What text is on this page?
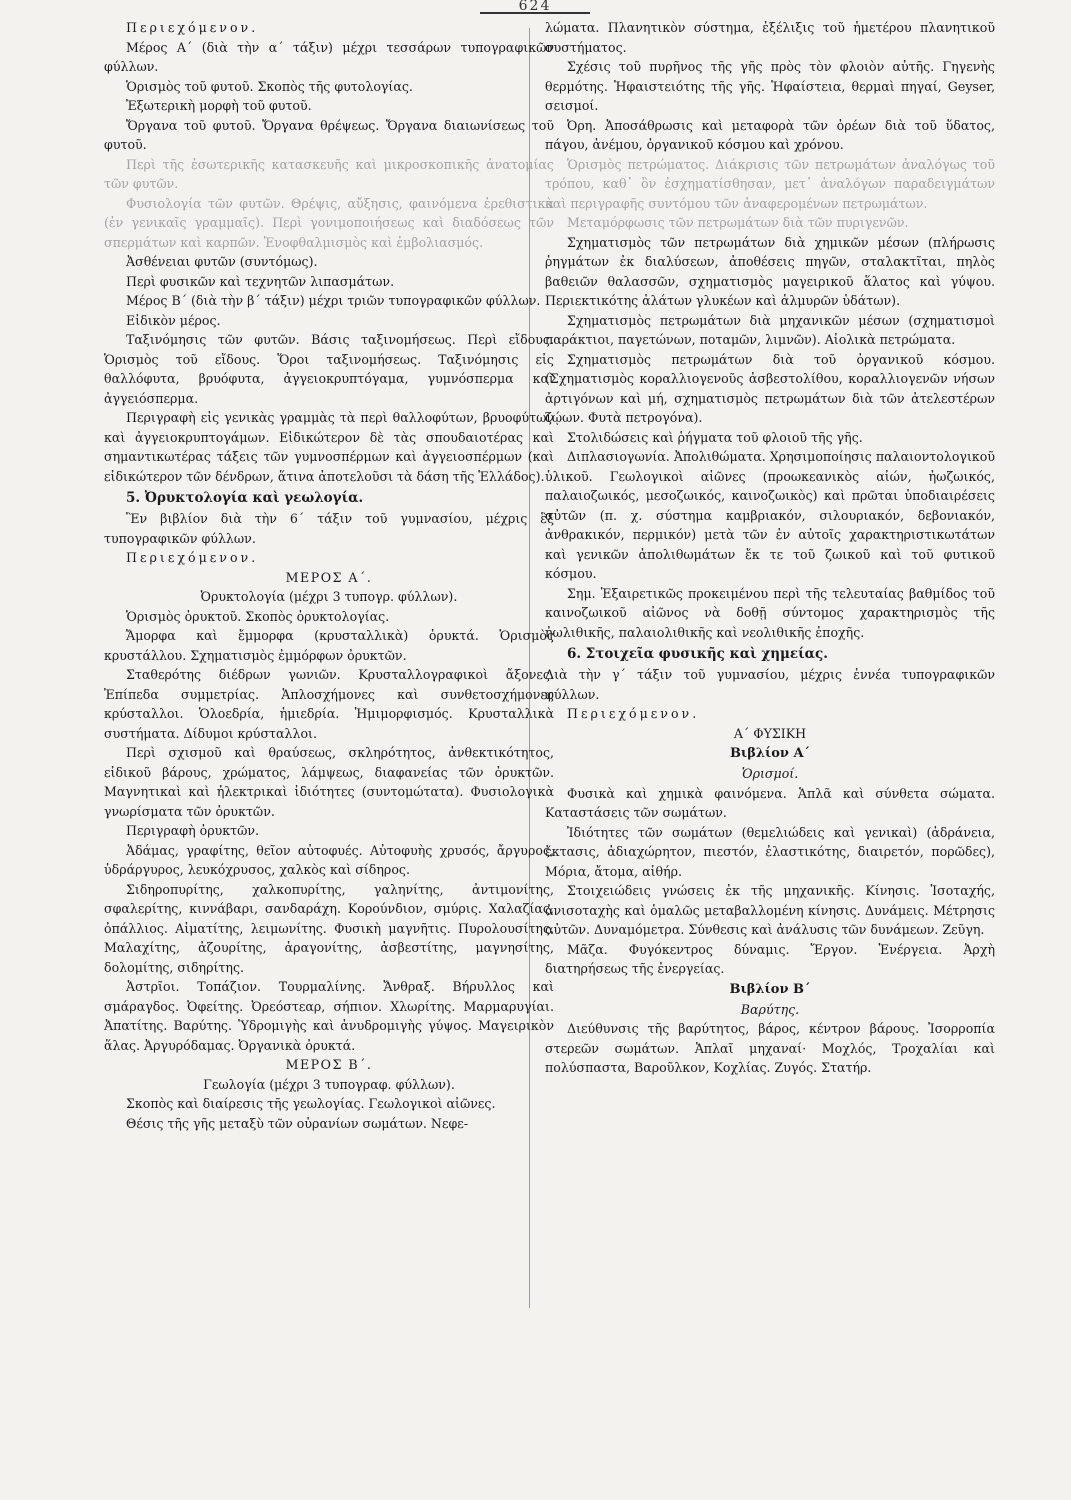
624

Περιεχόμενον.

Μέρος Α΄ (διὰ τὴν α΄ τάξιν) μέχρι τεσσάρων τυπογραφικῶν φύλλων.

Ὁρισμὸς τοῦ φυτοῦ. Σκοπὸς τῆς φυτολογίας.

Ἐξωτερικὴ μορφὴ τοῦ φυτοῦ.

Ὄργανα τοῦ φυτοῦ. Ὄργανα θρέψεως. Ὄργανα διαιωνίσεως τοῦ φυτοῦ.

Περὶ τῆς ἐσωτερικῆς κατασκευῆς καὶ μικροσκοπικῆς ἀνατομίας τῶν φυτῶν.

Φυσιολογία τῶν φυτῶν. Θρέψις, αὔξησις, φαινόμενα ἐρεθιστικὰ (ἐν γενικαῖς γραμμαῖς). Περὶ γονιμοποιήσεως καὶ διαδόσεως τῶν σπερμάτων καὶ καρπῶν. Ἐνοφθαλμισμὸς καὶ ἐμβολιασμός.

Ἀσθένειαι φυτῶν (συντόμως).

Περὶ φυσικῶν καὶ τεχνητῶν λιπασμάτων.

Μέρος Β΄ (διὰ τὴν β΄ τάξιν) μέχρι τριῶν τυπογραφικῶν φύλλων.

Εἰδικὸν μέρος.

Ταξινόμησις τῶν φυτῶν. Βάσις ταξινομήσεως. Περὶ εἴδους. Ὁρισμὸς τοῦ εἴδους. Ὅροι ταξινομήσεως. Ταξινόμησις εἰς θαλλόφυτα, βρυόφυτα, ἀγγειοκρυπτόγαμα, γυμνόσπερμα καὶ ἀγγειόσπερμα.

Περιγραφὴ εἰς γενικὰς γραμμὰς τὰ περὶ θαλλοφύτων, βρυοφύτων καὶ ἀγγειοκρυπτογάμων. Εἰδικώτερον δὲ τὰς σπουδαιοτέρας καὶ σημαντικωτέρας τάξεις τῶν γυμνοσπέρμων καὶ ἀγγειοσπέρμων (καὶ εἰδικώτερον τῶν δένδρων, ἅτινα ἀποτελοῦσι τὰ δάση τῆς Ἑλλάδος).

5. Ὀρυκτολογία καὶ γεωλογία.

Ἓν βιβλίον διὰ τὴν 6΄ τάξιν τοῦ γυμνασίου, μέχρις ἓξ τυπογραφικῶν φύλλων.

Περιεχόμενον.

ΜΕΡΟΣ Α΄.

Ὀρυκτολογία (μέχρι 3 τυπογρ. φύλλων).

Ὁρισμὸς ὀρυκτοῦ. Σκοπὸς ὀρυκτολογίας.

Ἄμορφα καὶ ἔμμορφα (κρυσταλλικὰ) ὀρυκτά. Ὁρισμὸς κρυστάλλου. Σχηματισμὸς ἐμμόρφων ὀρυκτῶν.

Σταθερότης διέδρων γωνιῶν. Κρυσταλλογραφικοὶ ἄξονες. Ἐπίπεδα συμμετρίας. Ἁπλοσχήμονες καὶ συνθετοσχήμονες κρύσταλλοι. Ὁλοεδρία, ἡμιεδρία. Ἡμιμορφισμός. Κρυσταλλικὰ συστήματα. Δίδυμοι κρύσταλλοι.

Περὶ σχισμοῦ καὶ θραύσεως, σκληρότητος, ἀνθεκτικότητος, εἰδικοῦ βάρους, χρώματος, λάμψεως, διαφανείας τῶν ὀρυκτῶν. Μαγνητικαὶ καὶ ἠλεκτρικαὶ ἰδιότητες (συντομώτατα). Φυσιολογικὰ γνωρίσματα τῶν ὀρυκτῶν.

Περιγραφὴ ὀρυκτῶν.

Ἀδάμας, γραφίτης, θεῖον αὐτοφυές. Αὐτοφυὴς χρυσός, ἄργυρος, ὑδράργυρος, λευκόχρυσος, χαλκὸς καὶ σίδηρος.

Σιδηροπυρίτης, χαλκοπυρίτης, γαληνίτης, ἀντιμονίτης, σφαλερίτης, κιννάβαρι, σανδαράχη. Κορούνδιον, σμύρις. Χαλαζίας, ὀπάλλιος. Αἱματίτης, λειμωνίτης. Φυσικὴ μαγνῆτις. Πυρολουσίτης. Μαλαχίτης, ἀζουρίτης, ἀραγονίτης, ἀσβεστίτης, μαγνησίτης, δολομίτης, σιδηρίτης.

Ἀστρῖοι. Τοπάζιον. Τουρμαλίνης. Ἄνθραξ. Βήρυλλος καὶ σμάραγδος. Ὀφείτης. Ὀρεόστεαρ, σήπιον. Χλωρίτης. Μαρμαρυγίαι. Ἀπατίτης. Βαρύτης. Ὑδρομιγὴς καὶ ἀνυδρομιγὴς γύψος. Μαγειρικὸν ἅλας. Ἀργυρόδαμας. Ὀργανικὰ ὀρυκτά.

ΜΕΡΟΣ Β΄.

Γεωλογία (μέχρι 3 τυπογραφ. φύλλων).

Σκοπὸς καὶ διαίρεσις τῆς γεωλογίας. Γεωλογικοὶ αἰῶνες.

Θέσις τῆς γῆς μεταξὺ τῶν οὐρανίων σωμάτων. Νεφε-

λώματα. Πλανητικὸν σύστημα, ἐξέλιξις τοῦ ἡμετέρου πλανητικοῦ συστήματος.

Σχέσις τοῦ πυρῆνος τῆς γῆς πρὸς τὸν φλοιὸν αὐτῆς. Γηγενὴς θερμότης. Ἡφαιστειότης τῆς γῆς. Ἡφαίστεια, θερμαὶ πηγαί, Geyser, σεισμοί.

Ὀρη. Ἀποσάθρωσις καὶ μεταφορὰ τῶν ὀρέων διὰ τοῦ ὕδατος, πάγου, ἀνέμου, ὀργανικοῦ κόσμου καὶ χρόνου.

Ὁρισμὸς πετρώματος. Διάκρισις τῶν πετρωμάτων ἀναλόγως τοῦ τρόπου, καθ᾽ ὃν ἐσχηματίσθησαν, μετ᾽ ἀναλόγων παραδειγμάτων καὶ περιγραφῆς συντόμου τῶν ἀναφερομένων πετρωμάτων.

Μεταμόρφωσις τῶν πετρωμάτων διὰ τῶν πυριγενῶν.

Σχηματισμὸς τῶν πετρωμάτων διὰ χημικῶν μέσων (πλήρωσις ῥηγμάτων ἐκ διαλύσεων, ἀποθέσεις πηγῶν, σταλακτῖται, πηλὸς βαθειῶν θαλασσῶν, σχηματισμὸς μαγειρικοῦ ἅλατος καὶ γύψου. Περιεκτικότης ἁλάτων γλυκέων καὶ ἁλμυρῶν ὑδάτων).

Σχηματισμὸς πετρωμάτων διὰ μηχανικῶν μέσων (σχηματισμοὶ παράκτιοι, παγετώνων, ποταμῶν, λιμνῶν). Αἰολικὰ πετρώματα.

Σχηματισμὸς πετρωμάτων διὰ τοῦ ὀργανικοῦ κόσμου. (Σχηματισμὸς κοραλλιογενοῦς ἀσβεστολίθου, κοραλλιογενῶν νήσων ἀρτιγόνων καὶ μή, σχηματισμὸς πετρωμάτων διὰ τῶν ἀτελεστέρων ζῴων. Φυτὰ πετρογόνα).

Στολιδώσεις καὶ ῥήγματα τοῦ φλοιοῦ τῆς γῆς.

Διπλασιογωνία. Ἀπολιθώματα. Χρησιμοποίησις παλαιοντολογικοῦ ὑλικοῦ. Γεωλογικοὶ αἰῶνες (προωκεανικὸς αἰών, ἠωζωικός, παλαιοζωικός, μεσοζωικός, καινοζωικὸς) καὶ πρῶται ὑποδιαιρέσεις αὐτῶν (π. χ. σύστημα καμβριακόν, σιλουριακόν, δεβονιακόν, ἀνθρακικόν, περμικόν) μετὰ τῶν ἐν αὐτοῖς χαρακτηριστικωτάτων καὶ γενικῶν ἀπολιθωμάτων ἔκ τε τοῦ ζωικοῦ καὶ τοῦ φυτικοῦ κόσμου.

Σημ. Ἐξαιρετικῶς προκειμένου περὶ τῆς τελευταίας βαθμίδος τοῦ καινοζωικοῦ αἰῶνος νὰ δοθῇ σύντομος χαρακτηρισμὸς τῆς ἠωλιθικῆς, παλαιολιθικῆς καὶ νεολιθικῆς ἐποχῆς.

6. Στοιχεῖα φυσικῆς καὶ χημείας.

Διὰ τὴν γ΄ τάξιν τοῦ γυμνασίου, μέχρις ἐννέα τυπογραφικῶν φύλλων.

Περιεχόμενον.

Α΄ ΦΥΣΙΚΗ

Βιβλίον Α΄

Ὁρισμοί.

Φυσικὰ καὶ χημικὰ φαινόμενα. Ἁπλᾶ καὶ σύνθετα σώματα. Καταστάσεις τῶν σωμάτων.

Ἰδιότητες τῶν σωμάτων (θεμελιώδεις καὶ γενικαὶ) (ἀδράνεια, ἔκτασις, ἀδιαχώρητον, πιεστόν, ἐλαστικότης, διαιρετόν, πορῶδες), Μόρια, ἄτομα, αἰθήρ.

Στοιχειώδεις γνώσεις ἐκ τῆς μηχανικῆς. Κίνησις. Ἰσοταχής, ἀνισοταχὴς καὶ ὁμαλῶς μεταβαλλομένη κίνησις. Δυνάμεις. Μέτρησις αὐτῶν. Δυναμόμετρα. Σύνθεσις καὶ ἀνάλυσις τῶν δυνάμεων. Ζεῦγη.

Μᾶζα. Φυγόκεντρος δύναμις. Ἔργον. Ἐνέργεια. Ἀρχὴ διατηρήσεως τῆς ἐνεργείας.

Βιβλίον Β΄

Βαρύτης.

Διεύθυνσις τῆς βαρύτητος, βάρος, κέντρον βάρους. Ἰσορροπία στερεῶν σωμάτων. Ἁπλαῖ μηχαναί· Μοχλός, Τροχαλίαι καὶ πολύσπαστα, Βαροῦλκον, Κοχλίας. Ζυγός. Στατήρ.
